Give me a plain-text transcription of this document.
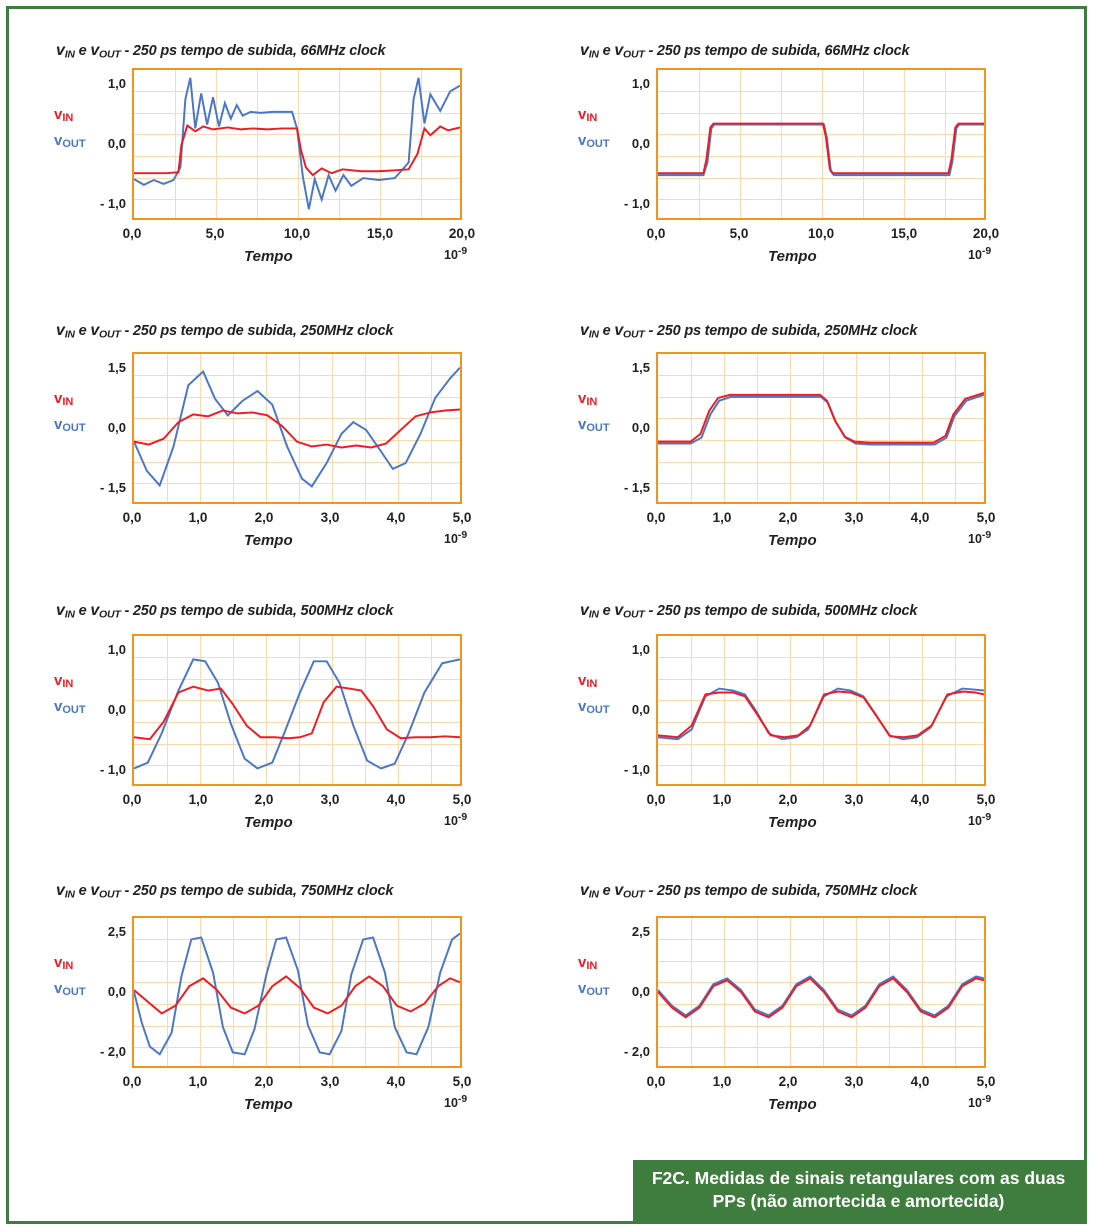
$v_{IN}$ e $v_{OUT} - 250$ ps tempo de subida, 66MHz clock
$v_{IN}$
$v_{OUT}$
1,0
0,0
- 1,0
0,0	5,0	10,0	15,0	20,0
Tempo	$10^{-9}$
$v_{IN}$ e $v_{OUT} - 250$ ps tempo de subida, 66MHz clock
$v_{IN}$
$v_{OUT}$
1,0
0,0
- 1,0
0,0	5,0	10,0	15,0	20,0
Tempo	$10^{-9}$
$v_{IN}$ e $v_{OUT} - 250$ ps tempo de subida, 250MHz clock
$v_{IN}$
$v_{OUT}$
1,5
0,0
- 1,5
0,0	1,0	2,0	3,0	4,0	5,0
Tempo	$10^{-9}$
$v_{IN}$ e $v_{OUT} - 250$ ps tempo de subida, 250MHz clock
$v_{IN}$
$v_{OUT}$
1,5
0,0
- 1,5
0,0	1,0	2,0	3,0	4,0	5,0
Tempo	$10^{-9}$
$v_{IN}$ e $v_{OUT} - 250$ ps tempo de subida, 500MHz clock
$v_{IN}$
$v_{OUT}$
1,0
0,0
- 1,0
0,0	1,0	2,0	3,0	4,0	5,0
Tempo	$10^{-9}$
$v_{IN}$ e $v_{OUT} - 250$ ps tempo de subida, 500MHz clock
$v_{IN}$
$v_{OUT}$
1,0
0,0
- 1,0
0,0	1,0	2,0	3,0	4,0	5,0
Tempo	$10^{-9}$
$v_{IN}$ e $v_{OUT} - 250$ ps tempo de subida, 750MHz clock
$v_{IN}$
$v_{OUT}$
2,5
0,0
- 2,0
0,0	1,0	2,0	3,0	4,0	5,0
Tempo	$10^{-9}$
$v_{IN}$ e $v_{OUT} - 250$ ps tempo de subida, 750MHz clock
$v_{IN}$
$v_{OUT}$
2,5
0,0
- 2,0
0,0	1,0	2,0	3,0	4,0	5,0
Tempo	$10^{-9}$
F2C. Medidas de sinais retangulares com as duas PPs (não amortecida e amortecida)
